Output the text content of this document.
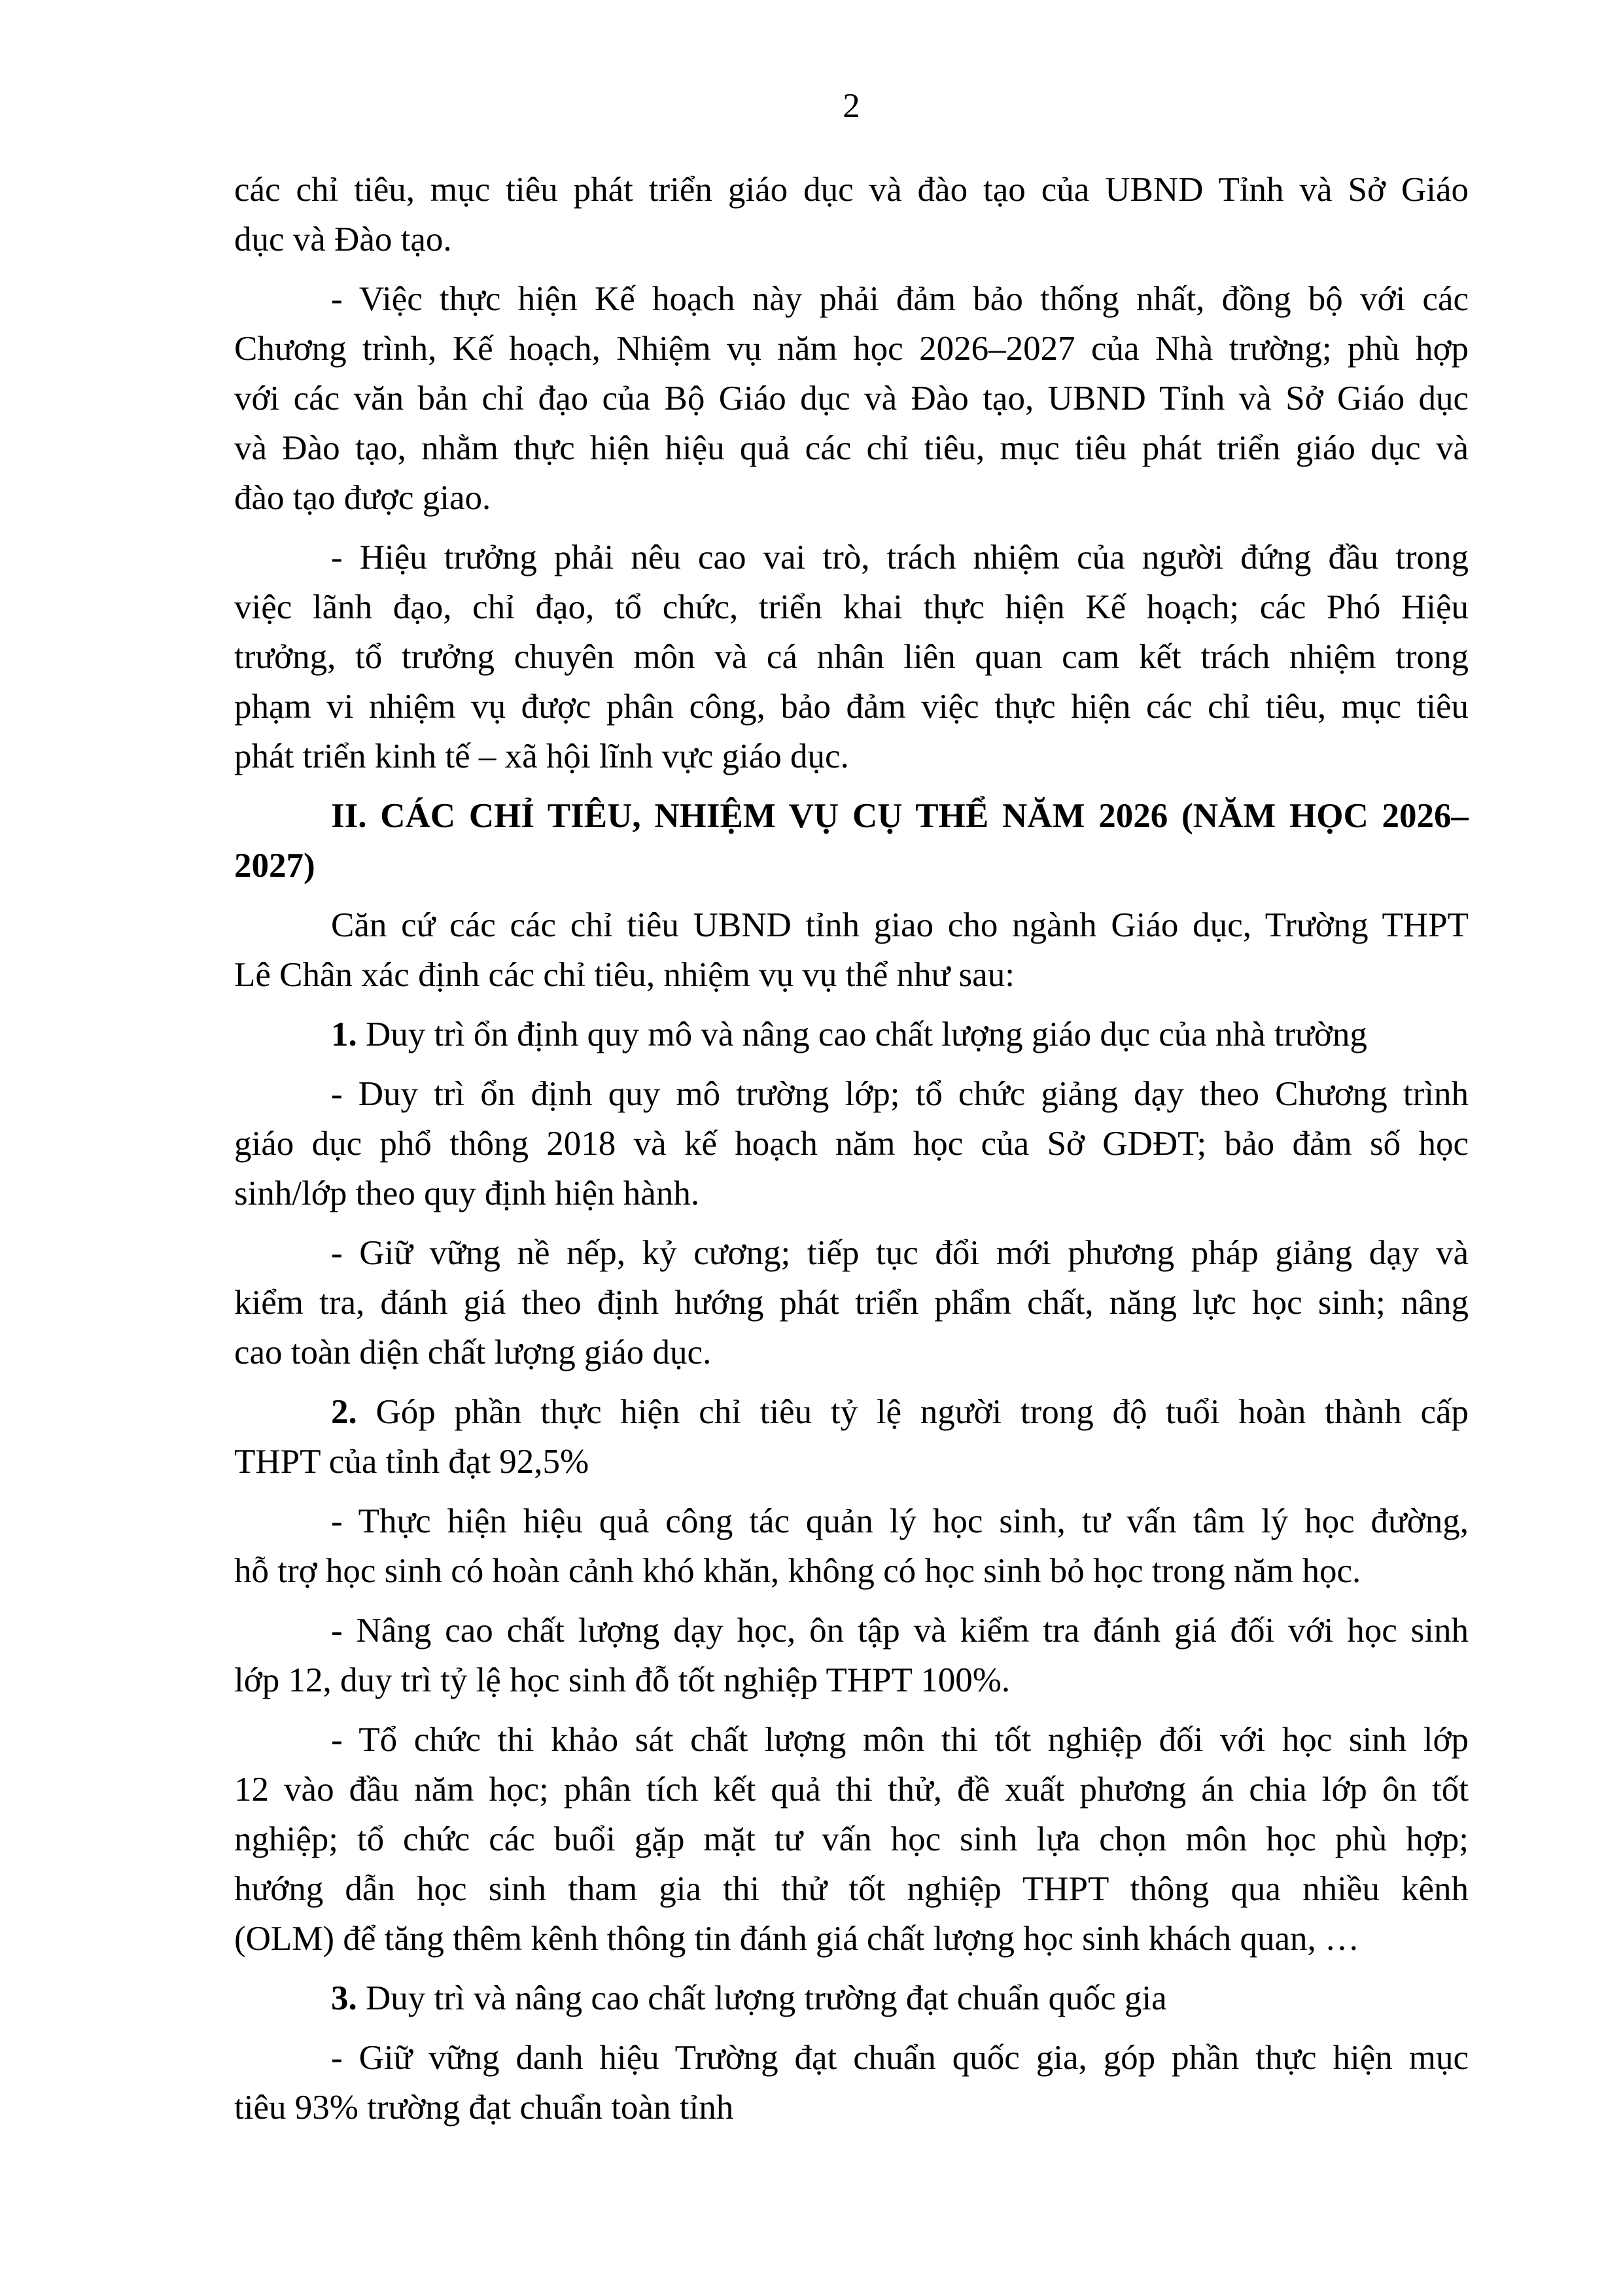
2
các chỉ tiêu, mục tiêu phát triển giáo dục và đào tạo của UBND Tỉnh và Sở Giáo
dục và Đào tạo.
- Việc thực hiện Kế hoạch này phải đảm bảo thống nhất, đồng bộ với các
Chương trình, Kế hoạch, Nhiệm vụ năm học 2026–2027 của Nhà trường; phù hợp
với các văn bản chỉ đạo của Bộ Giáo dục và Đào tạo, UBND Tỉnh và Sở Giáo dục
và Đào tạo, nhằm thực hiện hiệu quả các chỉ tiêu, mục tiêu phát triển giáo dục và
đào tạo được giao.
- Hiệu trưởng phải nêu cao vai trò, trách nhiệm của người đứng đầu trong
việc lãnh đạo, chỉ đạo, tổ chức, triển khai thực hiện Kế hoạch; các Phó Hiệu
trưởng, tổ trưởng chuyên môn và cá nhân liên quan cam kết trách nhiệm trong
phạm vi nhiệm vụ được phân công, bảo đảm việc thực hiện các chỉ tiêu, mục tiêu
phát triển kinh tế – xã hội lĩnh vực giáo dục.
II. CÁC CHỈ TIÊU, NHIỆM VỤ CỤ THỂ NĂM 2026 (NĂM HỌC 2026–
2027)
Căn cứ các các chỉ tiêu UBND tỉnh giao cho ngành Giáo dục, Trường THPT
Lê Chân xác định các chỉ tiêu, nhiệm vụ vụ thể như sau:
1. Duy trì ổn định quy mô và nâng cao chất lượng giáo dục của nhà trường
- Duy trì ổn định quy mô trường lớp; tổ chức giảng dạy theo Chương trình
giáo dục phổ thông 2018 và kế hoạch năm học của Sở GDĐT; bảo đảm số học
sinh/lớp theo quy định hiện hành.
- Giữ vững nề nếp, kỷ cương; tiếp tục đổi mới phương pháp giảng dạy và
kiểm tra, đánh giá theo định hướng phát triển phẩm chất, năng lực học sinh; nâng
cao toàn diện chất lượng giáo dục.
2. Góp phần thực hiện chỉ tiêu tỷ lệ người trong độ tuổi hoàn thành cấp
THPT của tỉnh đạt 92,5%
- Thực hiện hiệu quả công tác quản lý học sinh, tư vấn tâm lý học đường,
hỗ trợ học sinh có hoàn cảnh khó khăn, không có học sinh bỏ học trong năm học.
- Nâng cao chất lượng dạy học, ôn tập và kiểm tra đánh giá đối với học sinh
lớp 12, duy trì tỷ lệ học sinh đỗ tốt nghiệp THPT 100%.
- Tổ chức thi khảo sát chất lượng môn thi tốt nghiệp đối với học sinh lớp
12 vào đầu năm học; phân tích kết quả thi thử, đề xuất phương án chia lớp ôn tốt
nghiệp; tổ chức các buổi gặp mặt tư vấn học sinh lựa chọn môn học phù hợp;
hướng dẫn học sinh tham gia thi thử tốt nghiệp THPT thông qua nhiều kênh
(OLM) để tăng thêm kênh thông tin đánh giá chất lượng học sinh khách quan, …
3. Duy trì và nâng cao chất lượng trường đạt chuẩn quốc gia
- Giữ vững danh hiệu Trường đạt chuẩn quốc gia, góp phần thực hiện mục
tiêu 93% trường đạt chuẩn toàn tỉnh
